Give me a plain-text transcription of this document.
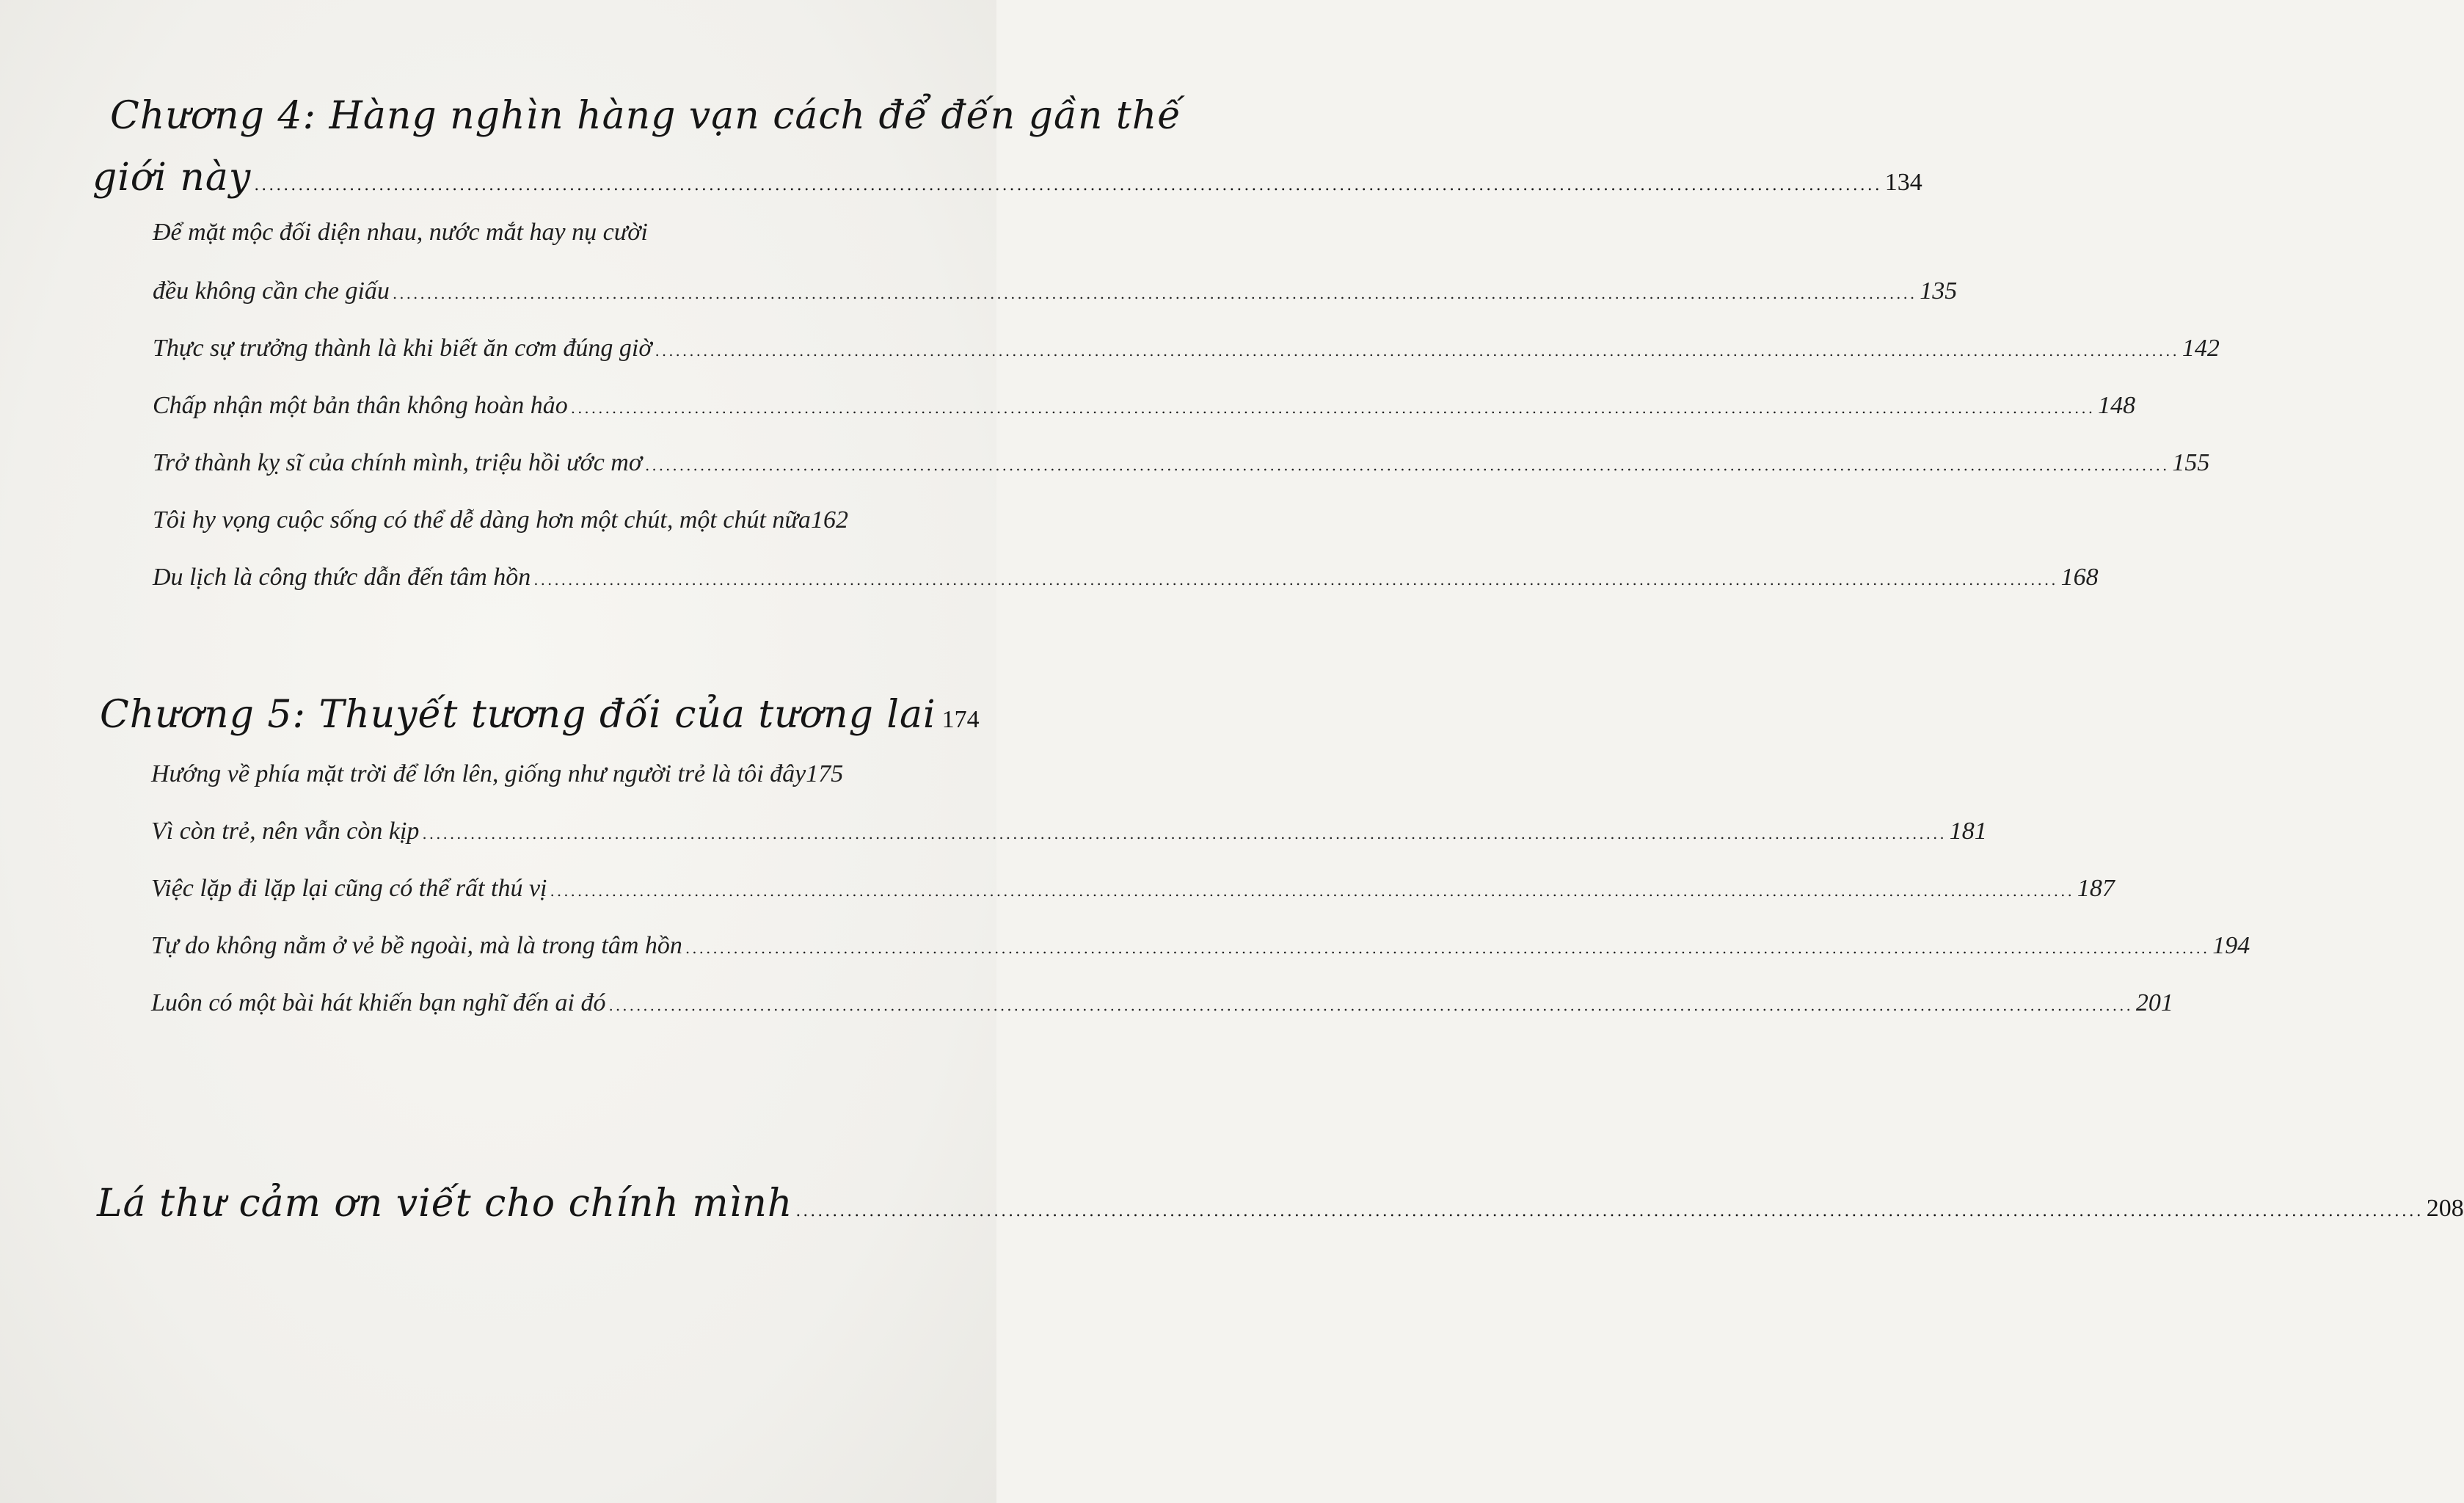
Chương 4: Hàng nghìn hàng vạn cách để đến gần thế
giới này .....	134
Để mặt mộc đối diện nhau, nước mắt hay nụ cười
đều không cần che giấu .....	135
Thực sự trưởng thành là khi biết ăn cơm đúng giờ .....	142
Chấp nhận một bản thân không hoàn hảo .....	148
Trở thành kỵ sĩ của chính mình, triệu hồi ước mơ .....	155
Tôi hy vọng cuộc sống có thể dễ dàng hơn một chút, một chút nữa 162
Du lịch là công thức dẫn đến tâm hồn .....	168
Chương 5: Thuyết tương đối của tương lai 174
Hướng về phía mặt trời để lớn lên, giống như người trẻ là tôi đây 175
Vì còn trẻ, nên vẫn còn kịp .....	181
Việc lặp đi lặp lại cũng có thể rất thú vị .....	187
Tự do không nằm ở vẻ bề ngoài, mà là trong tâm hồn .....	194
Luôn có một bài hát khiến bạn nghĩ đến ai đó .....	201
Lá thư cảm ơn viết cho chính mình .....	208
